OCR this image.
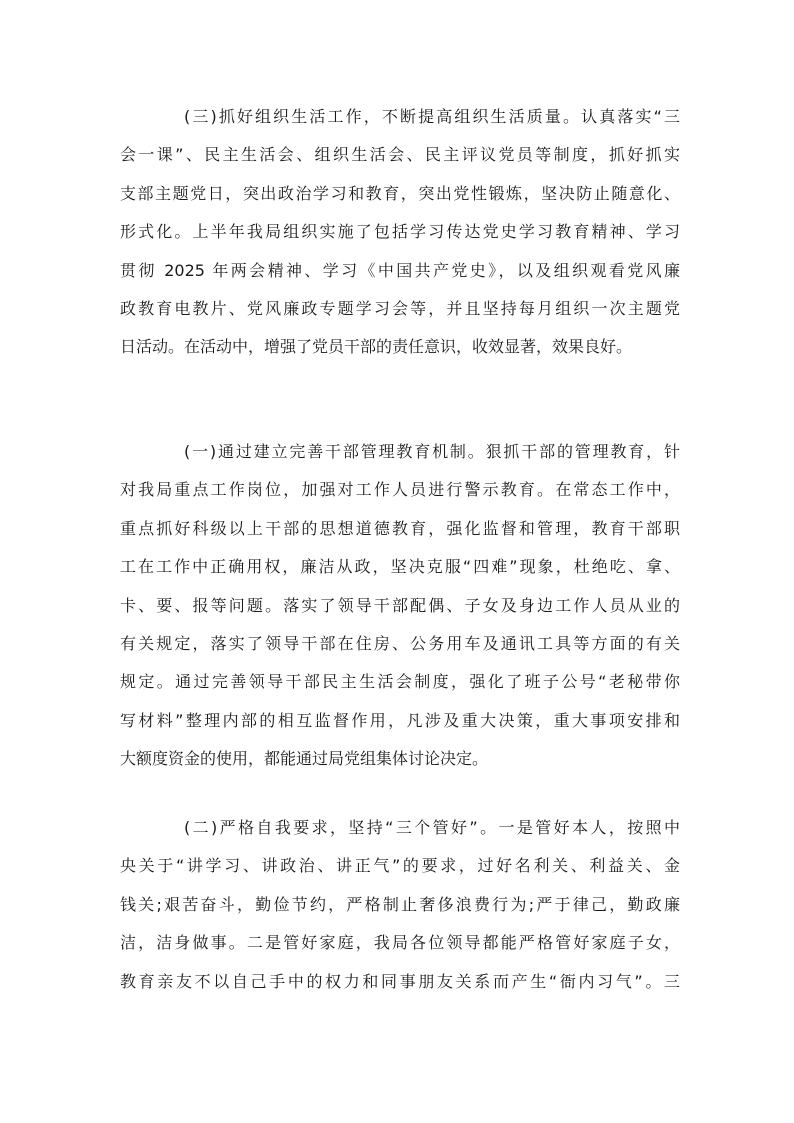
(三)抓好组织生活工作，不断提高组织生活质量。认真落实“三
会一课”、民主生活会、组织生活会、民主评议党员等制度，抓好抓实
支部主题党日，突出政治学习和教育，突出党性锻炼，坚决防止随意化、
形式化。上半年我局组织实施了包括学习传达党史学习教育精神、学习
贯彻 2025 年两会精神、学习《中国共产党史》，以及组织观看党风廉
政教育电教片、党风廉政专题学习会等，并且坚持每月组织一次主题党
日活动。在活动中，增强了党员干部的责任意识，收效显著，效果良好。
(一)通过建立完善干部管理教育机制。狠抓干部的管理教育，针
对我局重点工作岗位，加强对工作人员进行警示教育。在常态工作中，
重点抓好科级以上干部的思想道德教育，强化监督和管理，教育干部职
工在工作中正确用权，廉洁从政，坚决克服“四难”现象，杜绝吃、拿、
卡、要、报等问题。落实了领导干部配偶、子女及身边工作人员从业的
有关规定，落实了领导干部在住房、公务用车及通讯工具等方面的有关
规定。通过完善领导干部民主生活会制度，强化了班子公号“老秘带你
写材料”整理内部的相互监督作用，凡涉及重大决策，重大事项安排和
大额度资金的使用，都能通过局党组集体讨论决定。
(二)严格自我要求，坚持“三个管好”。一是管好本人，按照中
央关于“讲学习、讲政治、讲正气”的要求，过好名利关、利益关、金
钱关;艰苦奋斗，勤俭节约，严格制止奢侈浪费行为;严于律己，勤政廉
洁，洁身做事。二是管好家庭，我局各位领导都能严格管好家庭子女，
教育亲友不以自己手中的权力和同事朋友关系而产生“衙内习气”。三
